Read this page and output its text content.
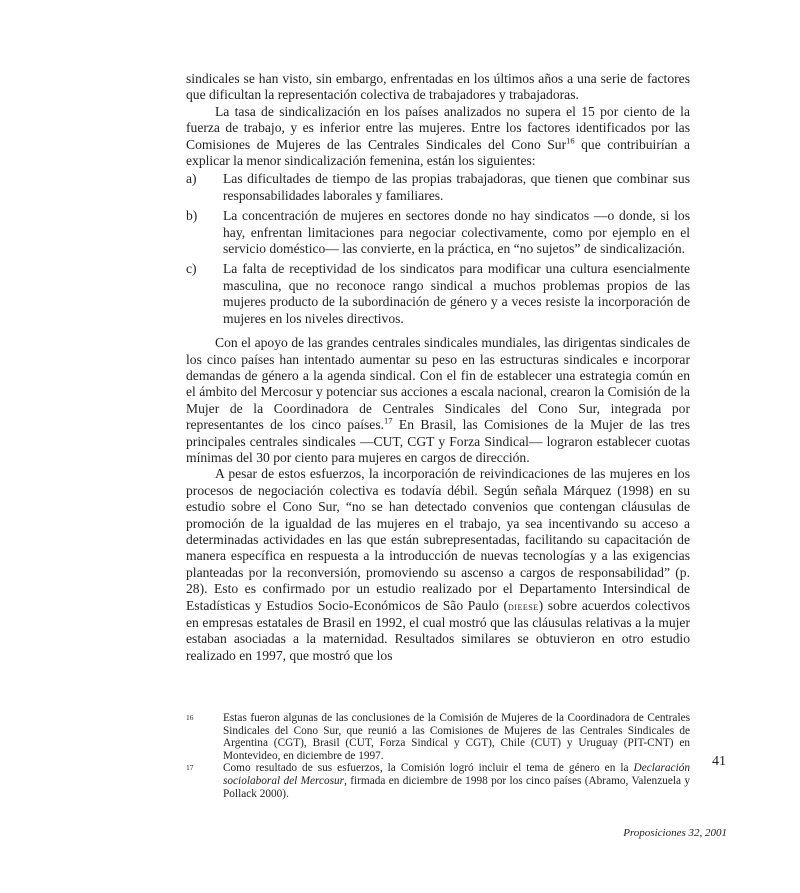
sindicales se han visto, sin embargo, enfrentadas en los últimos años a una serie de factores que dificultan la representación colectiva de trabajadores y trabajadoras.

La tasa de sindicalización en los países analizados no supera el 15 por ciento de la fuerza de trabajo, y es inferior entre las mujeres. Entre los factores identificados por las Comisiones de Mujeres de las Centrales Sindicales del Cono Sur$^{16}$ que contribuirían a explicar la menor sindicalización femenina, están los siguientes:

a)	Las dificultades de tiempo de las propias trabajadoras, que tienen que combinar sus responsabilidades laborales y familiares.
b)	La concentración de mujeres en sectores donde no hay sindicatos —o donde, si los hay, enfrentan limitaciones para negociar colectivamente, como por ejemplo en el servicio doméstico— las convierte, en la práctica, en “no sujetos” de sindicalización.
c)	La falta de receptividad de los sindicatos para modificar una cultura esencialmente masculina, que no reconoce rango sindical a muchos problemas propios de las mujeres producto de la subordinación de género y a veces resiste la incorporación de mujeres en los niveles directivos.

Con el apoyo de las grandes centrales sindicales mundiales, las dirigentas sindicales de los cinco países han intentado aumentar su peso en las estructuras sindicales e incorporar demandas de género a la agenda sindical. Con el fin de establecer una estrategia común en el ámbito del Mercosur y potenciar sus acciones a escala nacional, crearon la Comisión de la Mujer de la Coordinadora de Centrales Sindicales del Cono Sur, integrada por representantes de los cinco países.$^{17}$ En Brasil, las Comisiones de la Mujer de las tres principales centrales sindicales —CUT, CGT y Forza Sindical— lograron establecer cuotas mínimas del 30 por ciento para mujeres en cargos de dirección.

A pesar de estos esfuerzos, la incorporación de reivindicaciones de las mujeres en los procesos de negociación colectiva es todavía débil. Según señala Márquez (1998) en su estudio sobre el Cono Sur, “no se han detectado convenios que contengan cláusulas de promoción de la igualdad de las mujeres en el trabajo, ya sea incentivando su acceso a determinadas actividades en las que están subrepresentadas, facilitando su capacitación de manera específica en respuesta a la introducción de nuevas tecnologías y a las exigencias planteadas por la reconversión, promoviendo su ascenso a cargos de responsabilidad” (p. 28). Esto es confirmado por un estudio realizado por el Departamento Intersindical de Estadísticas y Estudios Socio-Económicos de São Paulo (dieese) sobre acuerdos colectivos en empresas estatales de Brasil en 1992, el cual mostró que las cláusulas relativas a la mujer estaban asociadas a la maternidad. Resultados similares se obtuvieron en otro estudio realizado en 1997, que mostró que los

16	Estas fueron algunas de las conclusiones de la Comisión de Mujeres de la Coordinadora de Centrales Sindicales del Cono Sur, que reunió a las Comisiones de Mujeres de las Centrales Sindicales de Argentina (CGT), Brasil (CUT, Forza Sindical y CGT), Chile (CUT) y Uruguay (PIT-CNT) en Montevideo, en diciembre de 1997.
17	Como resultado de sus esfuerzos, la Comisión logró incluir el tema de género en la Declaración sociolaboral del Mercosur, firmada en diciembre de 1998 por los cinco países (Abramo, Valenzuela y Pollack 2000).
41
Proposiciones 32, 2001
